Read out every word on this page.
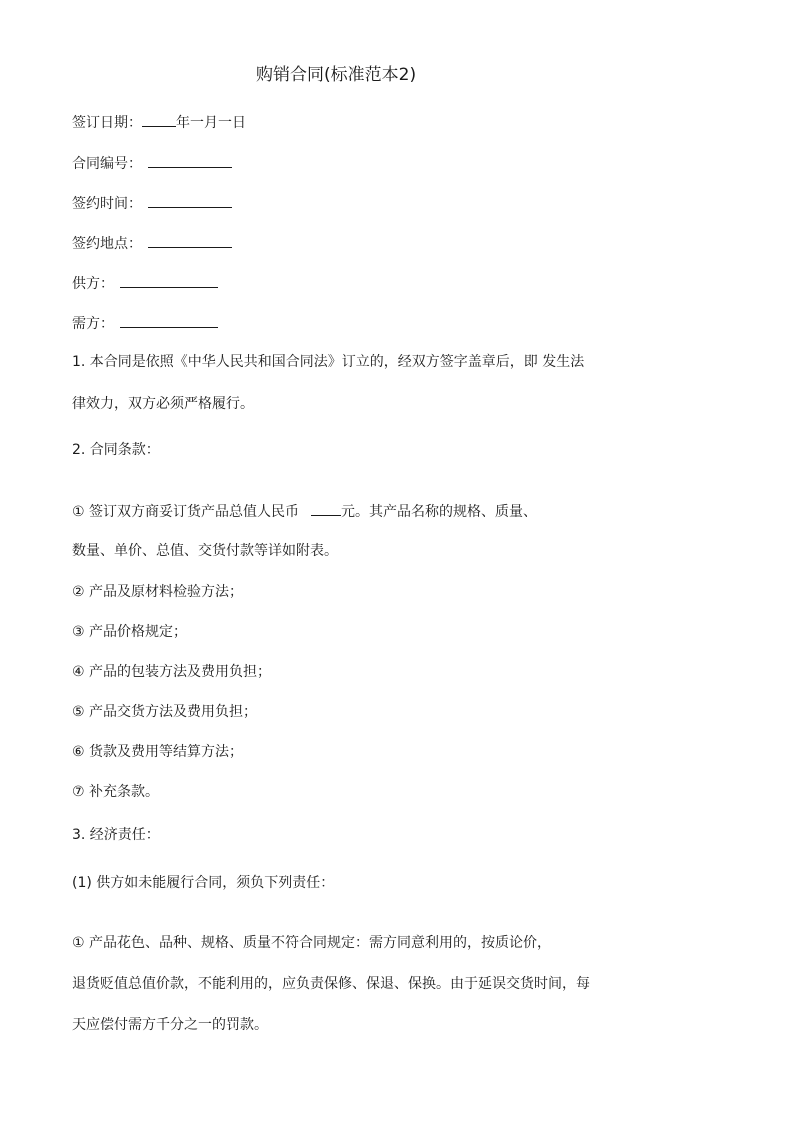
购销合同(标准范本2)
签订日期： 年一月一日
合同编号：
签约时间：
签约地点：
供方：
需方：
1. 本合同是依照《中华人民共和国合同法》订立的，经双方签字盖章后，即 发生法
律效力，双方必须严格履行。
2. 合同条款：
① 签订双方商妥订货产品总值人民币	元。其产品名称的规格、质量、
数量、单价、总值、交货付款等详如附表。
② 产品及原材料检验方法；
③ 产品价格规定；
④ 产品的包装方法及费用负担；
⑤ 产品交货方法及费用负担；
⑥ 货款及费用等结算方法；
⑦ 补充条款。
3. 经济责任：
(1) 供方如未能履行合同，须负下列责任：
① 产品花色、品种、规格、质量不符合同规定：需方同意利用的，按质论价，
退货贬值总值价款，不能利用的，应负责保修、保退、保换。由于延误交货时间，每
天应偿付需方千分之一的罚款。
